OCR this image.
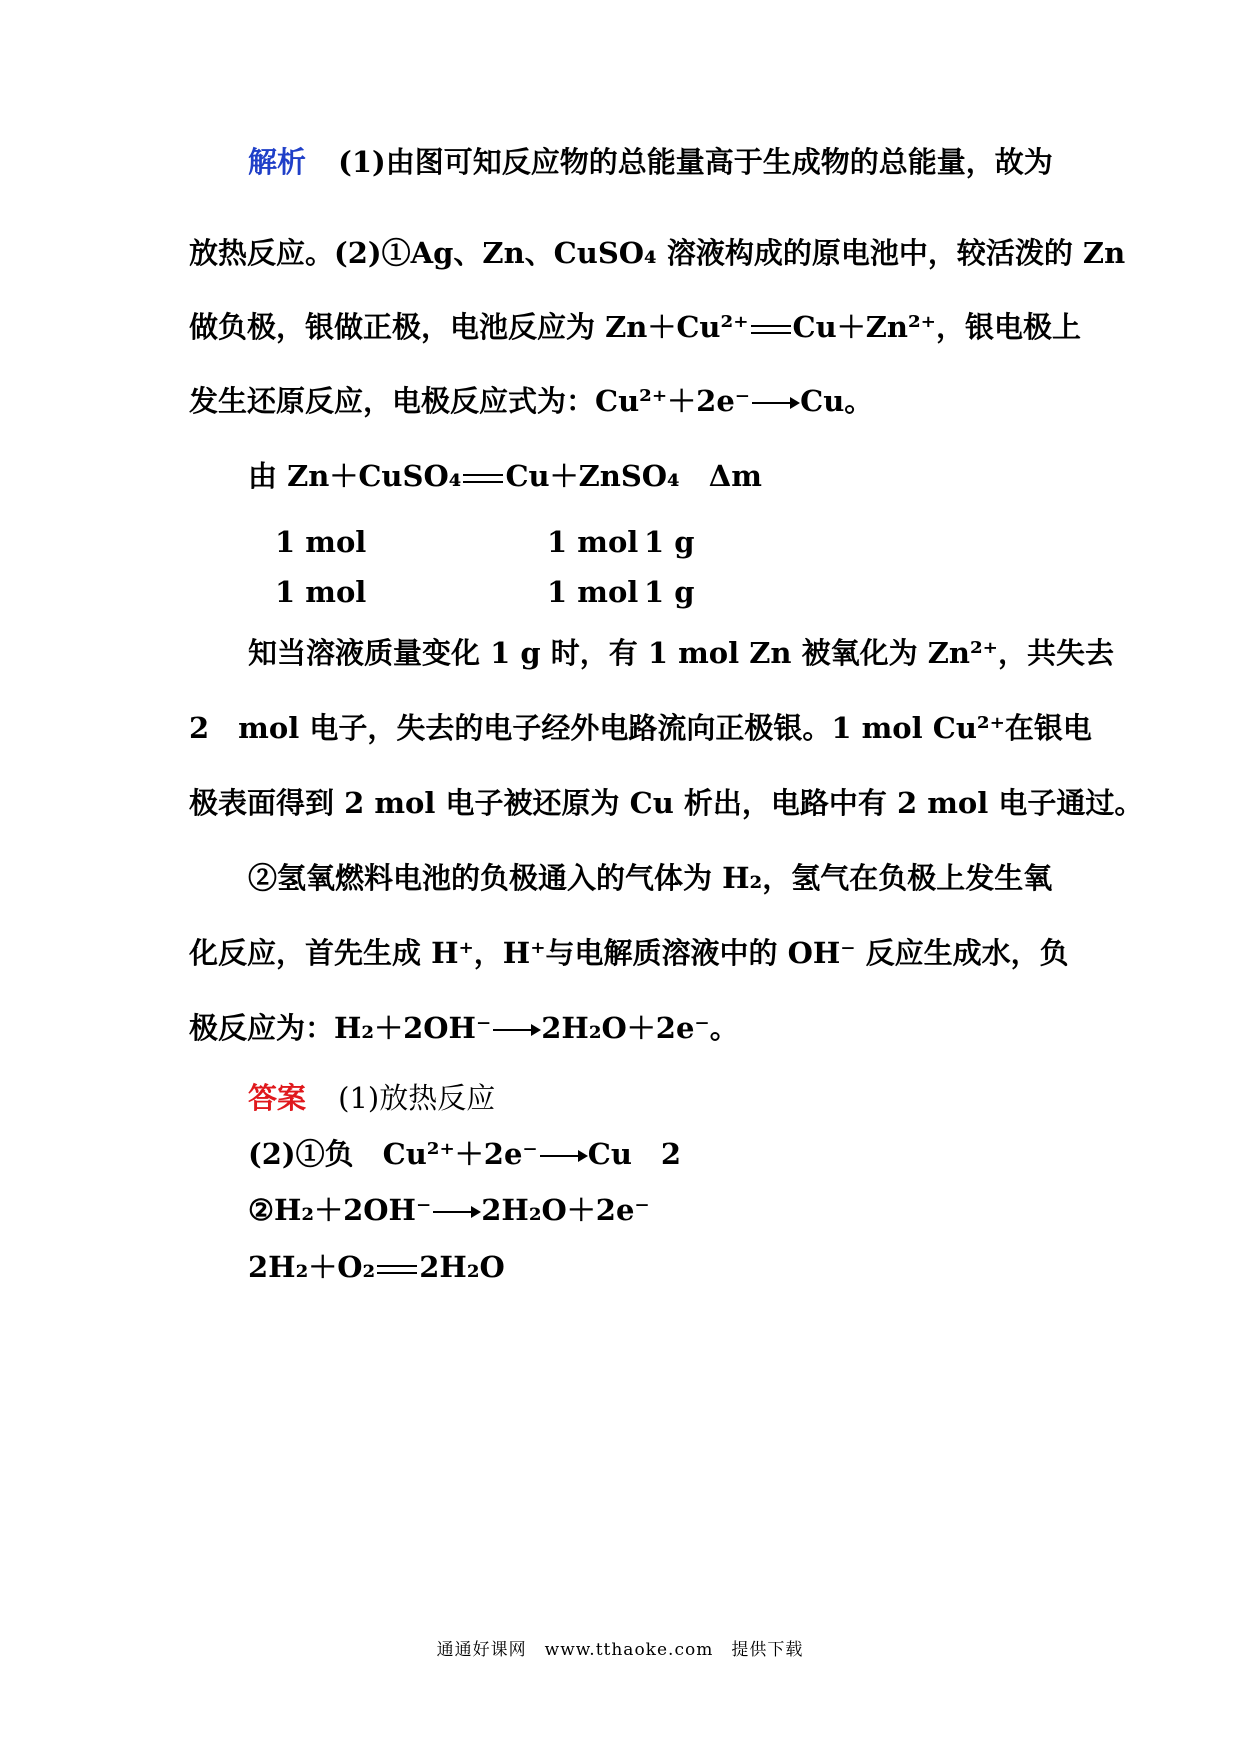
解析 (1)由图可知反应物的总能量高于生成物的总能量，故为
放热反应。(2)①Ag、Zn、CuSO₄ 溶液构成的原电池中，较活泼的 Zn
做负极，银做正极，电池反应为 Zn＋Cu²⁺ Cu＋Zn²⁺，银电极上
发生还原反应，电极反应式为：Cu²⁺＋2e⁻ → Cu。
由 Zn＋CuSO₄ Cu＋ZnSO₄　Δm
1 mol	1 mol 1 g
1 mol	1 mol 1 g
知当溶液质量变化 1 g 时，有 1 mol Zn 被氧化为 Zn²⁺，共失去
2　mol 电子，失去的电子经外电路流向正极银。1 mol Cu²⁺在银电
极表面得到 2 mol 电子被还原为 Cu 析出，电路中有 2 mol 电子通过。
②氢氧燃料电池的负极通入的气体为 H₂，氢气在负极上发生氧
化反应，首先生成 H⁺，H⁺与电解质溶液中的 OH⁻ 反应生成水，负
极反应为：H₂＋2OH⁻ → 2H₂O＋2e⁻。
答案 (1)放热反应
(2)①负　Cu²⁺＋2e⁻ → Cu　2
②H₂＋2OH⁻ → 2H₂O＋2e⁻
2H₂＋O₂ 2H₂O
通通好课网　www.tthaoke.com　提供下载
